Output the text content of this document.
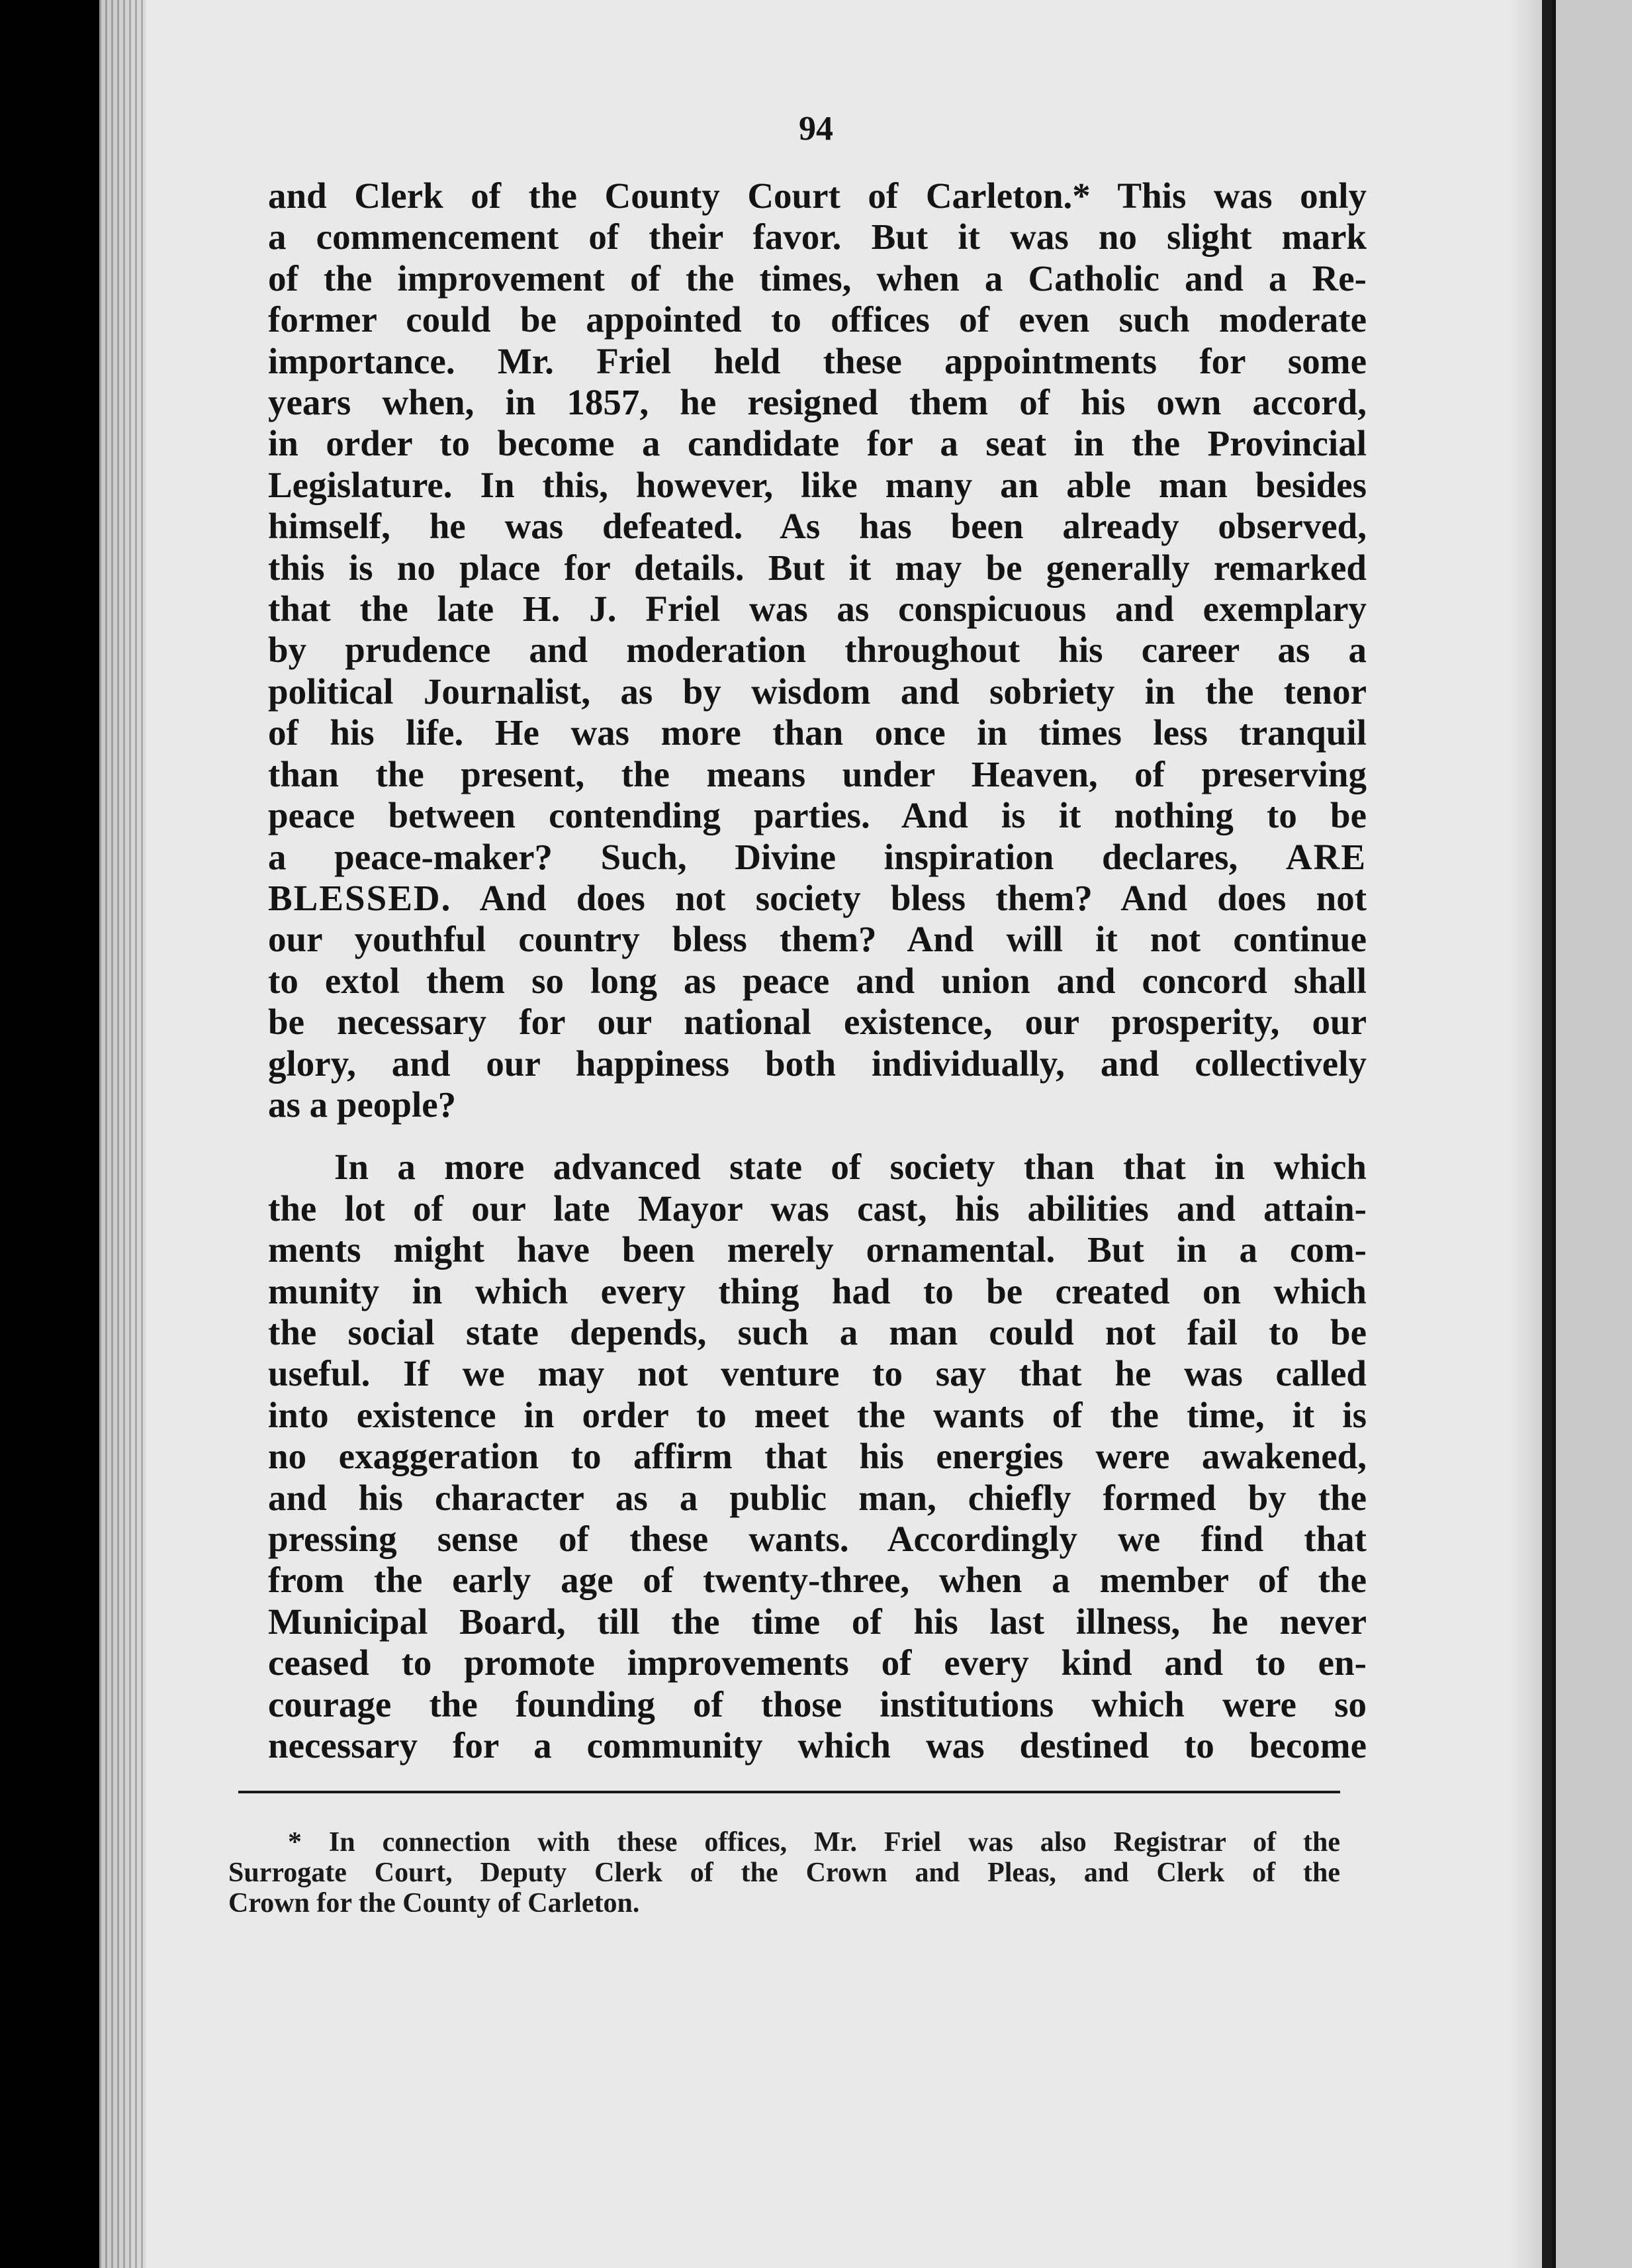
94
and Clerk of the County Court of Carleton.* This was only
a commencement of their favor. But it was no slight mark
of the improvement of the times, when a Catholic and a Re-
former could be appointed to offices of even such moderate
importance. Mr. Friel held these appointments for some
years when, in 1857, he resigned them of his own accord,
in order to become a candidate for a seat in the Provincial
Legislature. In this, however, like many an able man besides
himself, he was defeated. As has been already observed,
this is no place for details. But it may be generally remarked
that the late H. J. Friel was as conspicuous and exemplary
by prudence and moderation throughout his career as a
political Journalist, as by wisdom and sobriety in the tenor
of his life. He was more than once in times less tranquil
than the present, the means under Heaven, of preserving
peace between contending parties. And is it nothing to be
a peace-maker? Such, Divine inspiration declares, ARE
BLESSED. And does not society bless them? And does not
our youthful country bless them? And will it not continue
to extol them so long as peace and union and concord shall
be necessary for our national existence, our prosperity, our
glory, and our happiness both individually, and collectively
as a people?
In a more advanced state of society than that in which
the lot of our late Mayor was cast, his abilities and attain-
ments might have been merely ornamental. But in a com-
munity in which every thing had to be created on which
the social state depends, such a man could not fail to be
useful. If we may not venture to say that he was called
into existence in order to meet the wants of the time, it is
no exaggeration to affirm that his energies were awakened,
and his character as a public man, chiefly formed by the
pressing sense of these wants. Accordingly we find that
from the early age of twenty-three, when a member of the
Municipal Board, till the time of his last illness, he never
ceased to promote improvements of every kind and to en-
courage the founding of those institutions which were so
necessary for a community which was destined to become
* In connection with these offices, Mr. Friel was also Registrar of the
Surrogate Court, Deputy Clerk of the Crown and Pleas, and Clerk of the
Crown for the County of Carleton.
